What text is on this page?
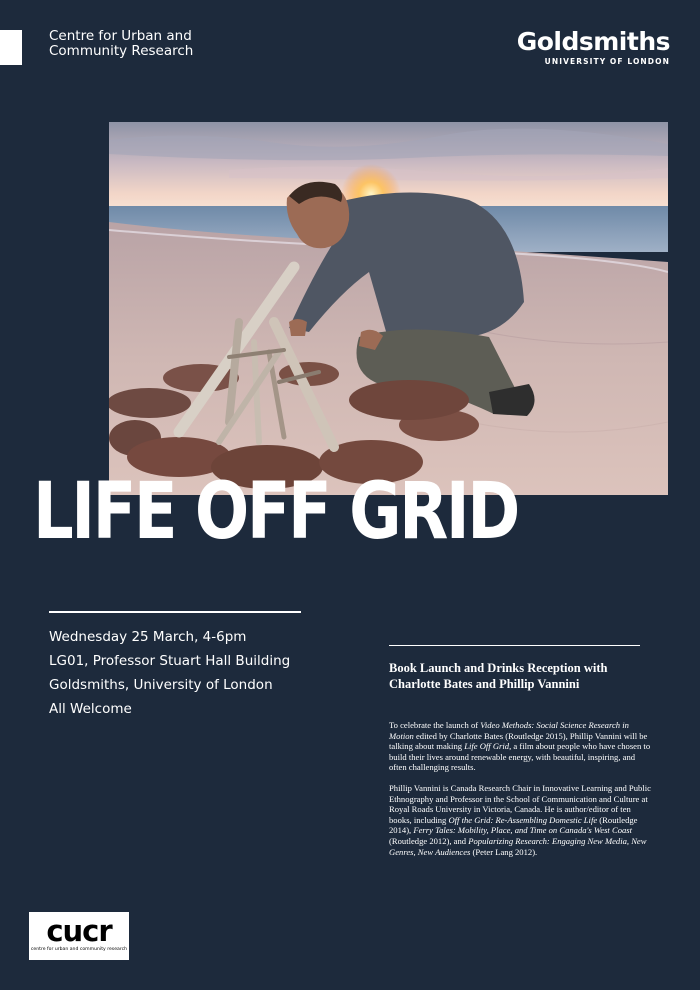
Centre for Urban and
Community Research	Goldsmiths
UNIVERSITY OF LONDON
LIFE OFF GRID
Wednesday 25 March, 4-6pm
LG01, Professor Stuart Hall Building
Goldsmiths, University of London
All Welcome
Book Launch and Drinks Reception with Charlotte Bates and Phillip Vannini

To celebrate the launch of Video Methods: Social Science Research in Motion edited by Charlotte Bates (Routledge 2015), Phillip Vannini will be talking about making Life Off Grid, a film about people who have chosen to build their lives around renewable energy, with beautiful, inspiring, and often challenging results.

Phillip Vannini is Canada Research Chair in Innovative Learning and Public Ethnography and Professor in the School of Communication and Culture at Royal Roads University in Victoria, Canada. He is author/editor of ten books, including Off the Grid: Re-Assembling Domestic Life (Routledge 2014), Ferry Tales: Mobility, Place, and Time on Canada's West Coast (Routledge 2012), and Popularizing Research: Engaging New Media, New Genres, New Audiences (Peter Lang 2012).

cucr
centre for urban and community research
